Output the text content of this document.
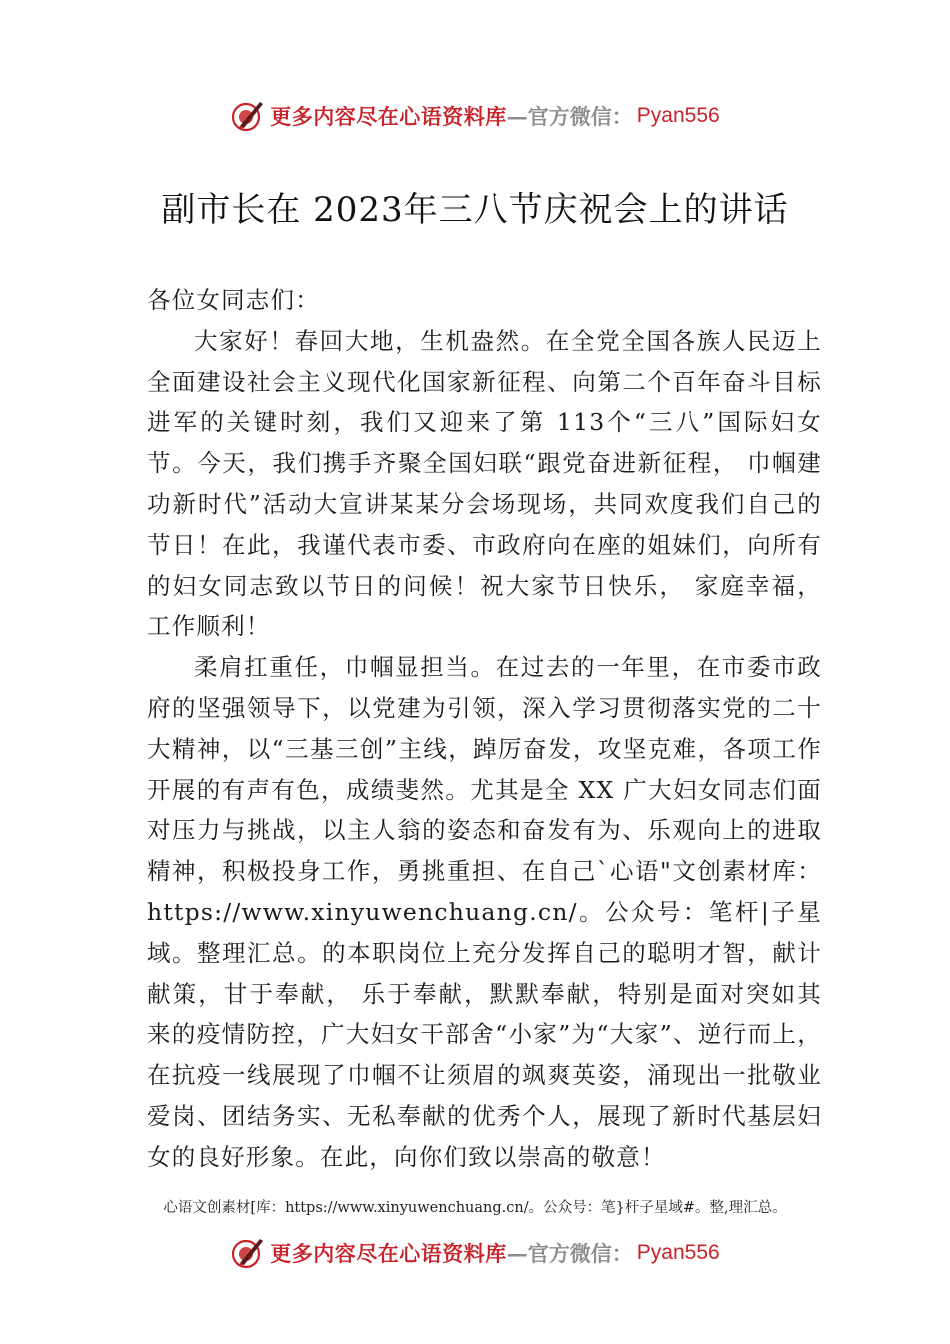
更多内容尽在心语资料库 —官方微信： Pyan556
副市长在 2023年三八节庆祝会上的讲话

各位女同志们：

大家好！春回大地，生机盎然。在全党全国各族人民迈上全面建设社会主义现代化国家新征程、向第二个百年奋斗目标进军的关键时刻，我们又迎来了第 113个“三八”国际妇女节。今天，我们携手齐聚全国妇联“跟党奋进新征程， 巾帼建功新时代”活动大宣讲某某分会场现场，共同欢度我们自己的节日！在此，我谨代表市委、市政府向在座的姐妹们，向所有的妇女同志致以节日的问候！祝大家节日快乐， 家庭幸福，工作顺利！

柔肩扛重任，巾帼显担当。在过去的一年里，在市委市政府的坚强领导下，以党建为引领，深入学习贯彻落实党的二十大精神，以“三基三创”主线，踔厉奋发，攻坚克难，各项工作开展的有声有色，成绩斐然。尤其是全 XX 广大妇女同志们面对压力与挑战，以主人翁的姿态和奋发有为、乐观向上的进取精神，积极投身工作，勇挑重担、在自己`心语"文创素材库：https://www.xinyuwenchuang.cn/。公众号：笔杆|子星域。整理汇总。的本职岗位上充分发挥自己的聪明才智，献计献策，甘于奉献， 乐于奉献，默默奉献，特别是面对突如其来的疫情防控，广大妇女干部舍“小家”为“大家”、逆行而上，在抗疫一线展现了巾帼不让须眉的飒爽英姿，涌现出一批敬业爱岗、团结务实、无私奉献的优秀个人，展现了新时代基层妇女的良好形象。在此，向你们致以崇高的敬意！

心语文创素材[库：https://www.xinyuwenchuang.cn/。公众号：笔}杆子星域#。整,理汇总。
更多内容尽在心语资料库 —官方微信： Pyan556
